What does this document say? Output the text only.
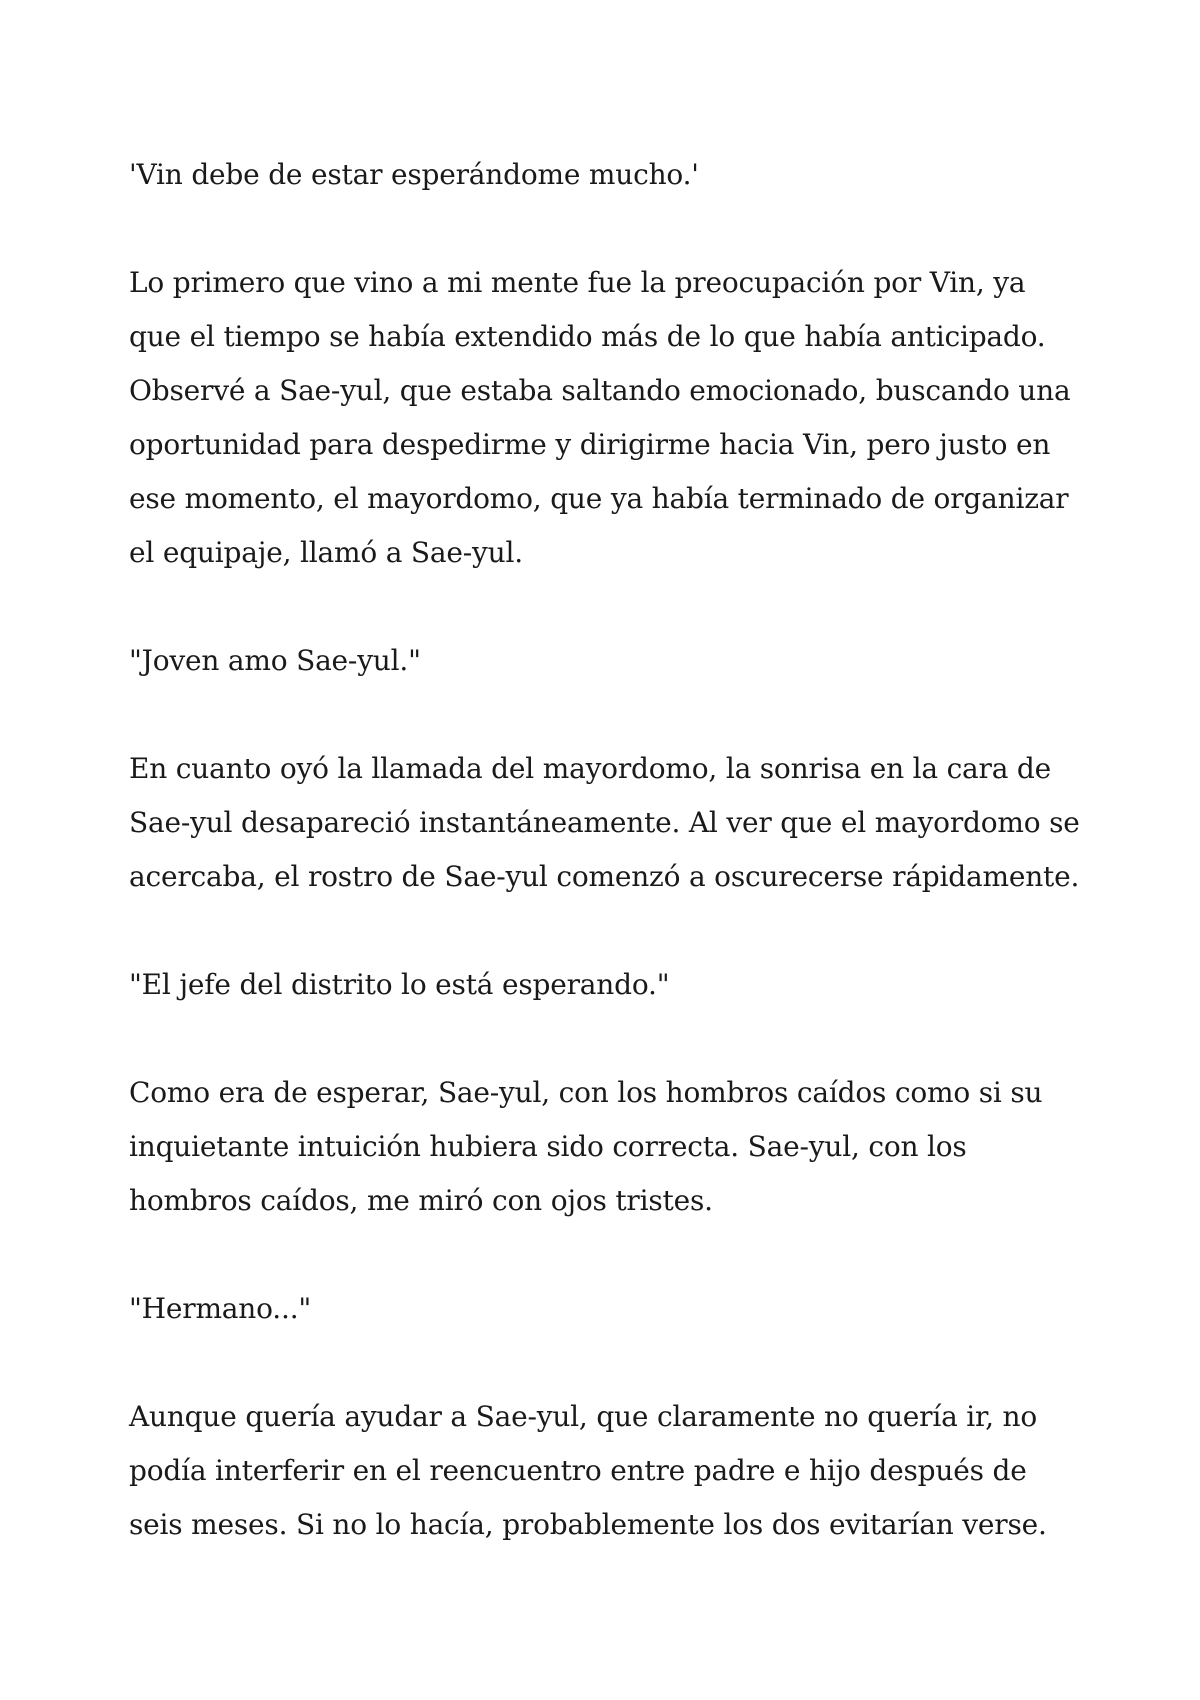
'Vin debe de estar esperándome mucho.'

Lo primero que vino a mi mente fue la preocupación por Vin, ya
que el tiempo se había extendido más de lo que había anticipado.
Observé a Sae-yul, que estaba saltando emocionado, buscando una
oportunidad para despedirme y dirigirme hacia Vin, pero justo en
ese momento, el mayordomo, que ya había terminado de organizar
el equipaje, llamó a Sae-yul.

"Joven amo Sae-yul."

En cuanto oyó la llamada del mayordomo, la sonrisa en la cara de
Sae-yul desapareció instantáneamente. Al ver que el mayordomo se
acercaba, el rostro de Sae-yul comenzó a oscurecerse rápidamente.

"El jefe del distrito lo está esperando."

Como era de esperar, Sae-yul, con los hombros caídos como si su
inquietante intuición hubiera sido correcta. Sae-yul, con los
hombros caídos, me miró con ojos tristes.

"Hermano..."

Aunque quería ayudar a Sae-yul, que claramente no quería ir, no
podía interferir en el reencuentro entre padre e hijo después de
seis meses. Si no lo hacía, probablemente los dos evitarían verse.
